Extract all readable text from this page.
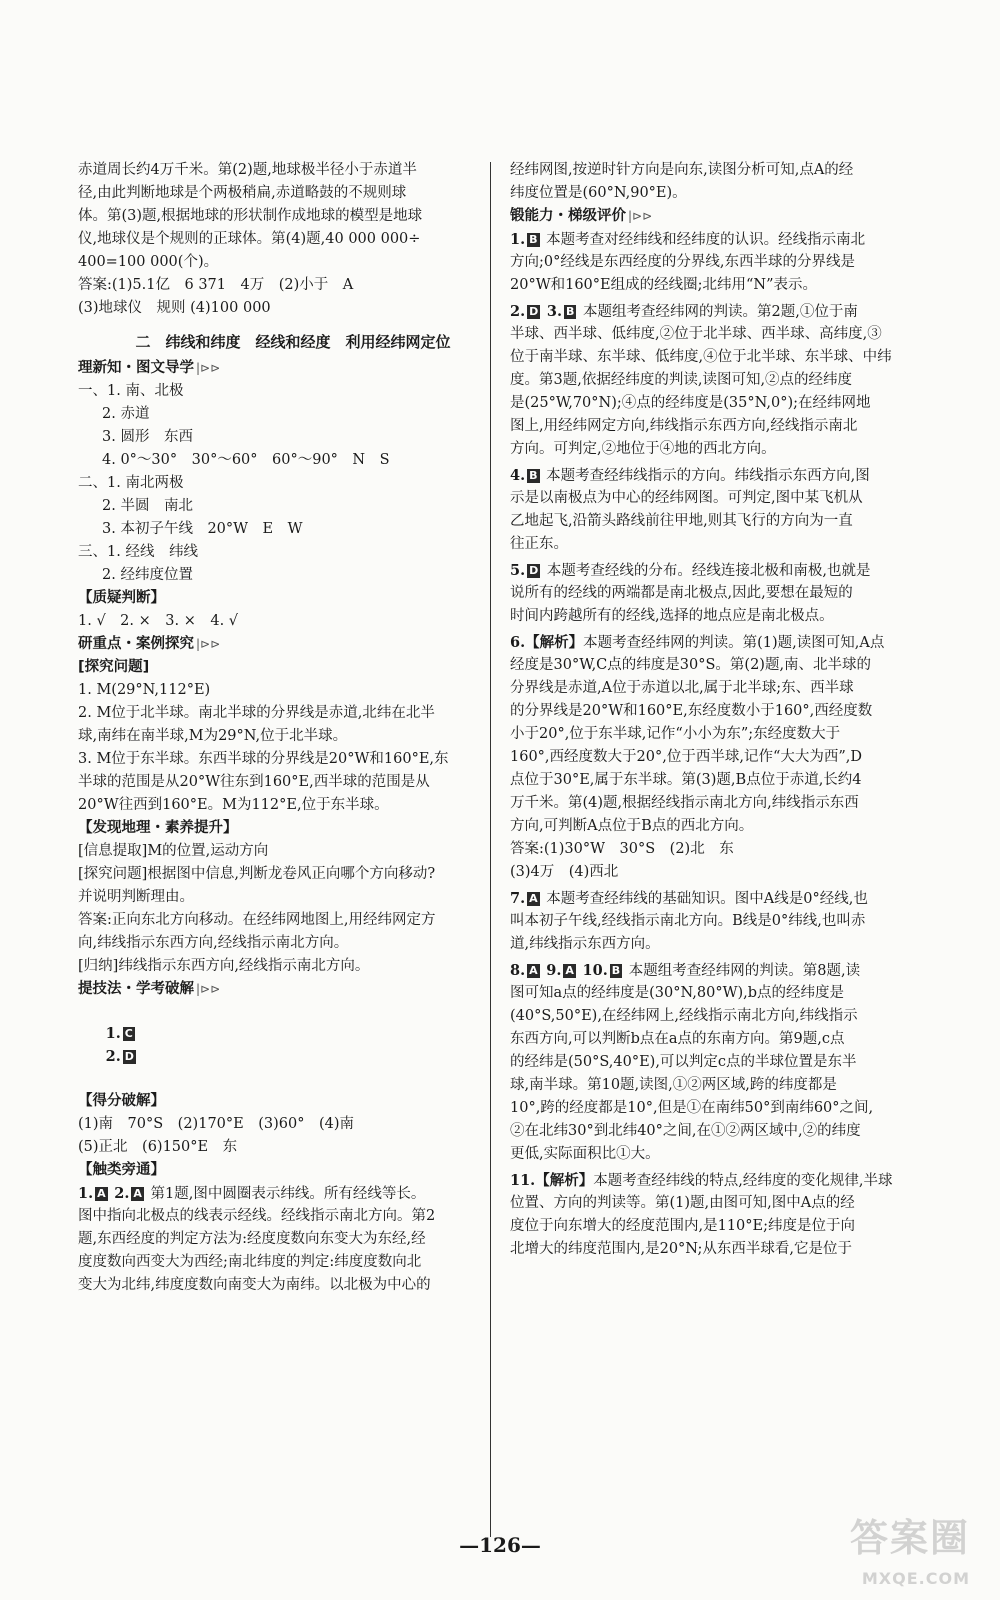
赤道周长约4万千米。第(2)题,地球极半径小于赤道半

径,由此判断地球是个两极稍扁,赤道略鼓的不规则球

体。第(3)题,根据地球的形状制作成地球的模型是地球

仪,地球仪是个规则的正球体。第(4)题,40 000 000÷

400=100 000(个)。

答案:(1)5.1亿　6 371　4万　(2)小于　A

(3)地球仪　规则 (4)100 000

二　纬线和纬度　经线和经度　利用经纬网定位

理新知・图文导学 |⊳⊳

一、1. 南、北极

2. 赤道

3. 圆形　东西

4. 0°～30°　30°～60°　60°～90°　N　S

二、1. 南北两极

2. 半圆　南北

3. 本初子午线　20°W　E　W

三、1. 经线　纬线

2. 经纬度位置

【质疑判断】

1. √　2. ×　3. ×　4. √

研重点・案例探究 |⊳⊳

[探究问题]

1. M(29°N,112°E)

2. M位于北半球。南北半球的分界线是赤道,北纬在北半

球,南纬在南半球,M为29°N,位于北半球。

3. M位于东半球。东西半球的分界线是20°W和160°E,东

半球的范围是从20°W往东到160°E,西半球的范围是从

20°W往西到160°E。M为112°E,位于东半球。

【发现地理・素养提升】

[信息提取]M的位置,运动方向

[探究问题]根据图中信息,判断龙卷风正向哪个方向移动?

并说明判断理由。

答案:正向东北方向移动。在经纬网地图上,用经纬网定方

向,纬线指示东西方向,经线指示南北方向。

[归纳]纬线指示东西方向,经线指示南北方向。

提技法・学考破解 |⊳⊳

1. C
2. D

【得分破解】

(1)南　70°S　(2)170°E　(3)60°　(4)南

(5)正北　(6)150°E　东

【触类旁通】

1. A 2. A 第1题,图中圆圈表示纬线。所有经线等长。

图中指向北极点的线表示经线。经线指示南北方向。第2

题,东西经度的判定方法为:经度度数向东变大为东经,经

度度数向西变大为西经;南北纬度的判定:纬度度数向北

变大为北纬,纬度度数向南变大为南纬。以北极为中心的

经纬网图,按逆时针方向是向东,读图分析可知,点A的经

纬度位置是(60°N,90°E)。

锻能力・梯级评价 |⊳⊳

1. B 本题考查对经纬线和经纬度的认识。经线指示南北

方向;0°经线是东西经度的分界线,东西半球的分界线是

20°W和160°E组成的经线圈;北纬用“N”表示。

2. D 3. B 本题组考查经纬网的判读。第2题,①位于南

半球、西半球、低纬度,②位于北半球、西半球、高纬度,③

位于南半球、东半球、低纬度,④位于北半球、东半球、中纬

度。第3题,依据经纬度的判读,读图可知,②点的经纬度

是(25°W,70°N);④点的经纬度是(35°N,0°);在经纬网地

图上,用经纬网定方向,纬线指示东西方向,经线指示南北

方向。可判定,②地位于④地的西北方向。

4. B 本题考查经纬线指示的方向。纬线指示东西方向,图

示是以南极点为中心的经纬网图。可判定,图中某飞机从

乙地起飞,沿箭头路线前往甲地,则其飞行的方向为一直

往正东。

5. D 本题考查经线的分布。经线连接北极和南极,也就是

说所有的经线的两端都是南北极点,因此,要想在最短的

时间内跨越所有的经线,选择的地点应是南北极点。

6.【解析】本题考查经纬网的判读。第(1)题,读图可知,A点

经度是30°W,C点的纬度是30°S。第(2)题,南、北半球的

分界线是赤道,A位于赤道以北,属于北半球;东、西半球

的分界线是20°W和160°E,东经度数小于160°,西经度数

小于20°,位于东半球,记作“小小为东”;东经度数大于

160°,西经度数大于20°,位于西半球,记作“大大为西”,D

点位于30°E,属于东半球。第(3)题,B点位于赤道,长约4

万千米。第(4)题,根据经线指示南北方向,纬线指示东西

方向,可判断A点位于B点的西北方向。

答案:(1)30°W　30°S　(2)北　东

(3)4万　(4)西北

7. A 本题考查经纬线的基础知识。图中A线是0°经线,也

叫本初子午线,经线指示南北方向。B线是0°纬线,也叫赤

道,纬线指示东西方向。

8. A 9. A 10. B 本题组考查经纬网的判读。第8题,读

图可知a点的经纬度是(30°N,80°W),b点的经纬度是

(40°S,50°E),在经纬网上,经线指示南北方向,纬线指示

东西方向,可以判断b点在a点的东南方向。第9题,c点

的经纬是(50°S,40°E),可以判定c点的半球位置是东半

球,南半球。第10题,读图,①②两区域,跨的纬度都是

10°,跨的经度都是10°,但是①在南纬50°到南纬60°之间,

②在北纬30°到北纬40°之间,在①②两区域中,②的纬度

更低,实际面积比①大。

11.【解析】本题考查经纬线的特点,经纬度的变化规律,半球

位置、方向的判读等。第(1)题,由图可知,图中A点的经

度位于向东增大的经度范围内,是110°E;纬度是位于向

北增大的纬度范围内,是20°N;从东西半球看,它是位于

—126—	答案圈
MXQE.COM
